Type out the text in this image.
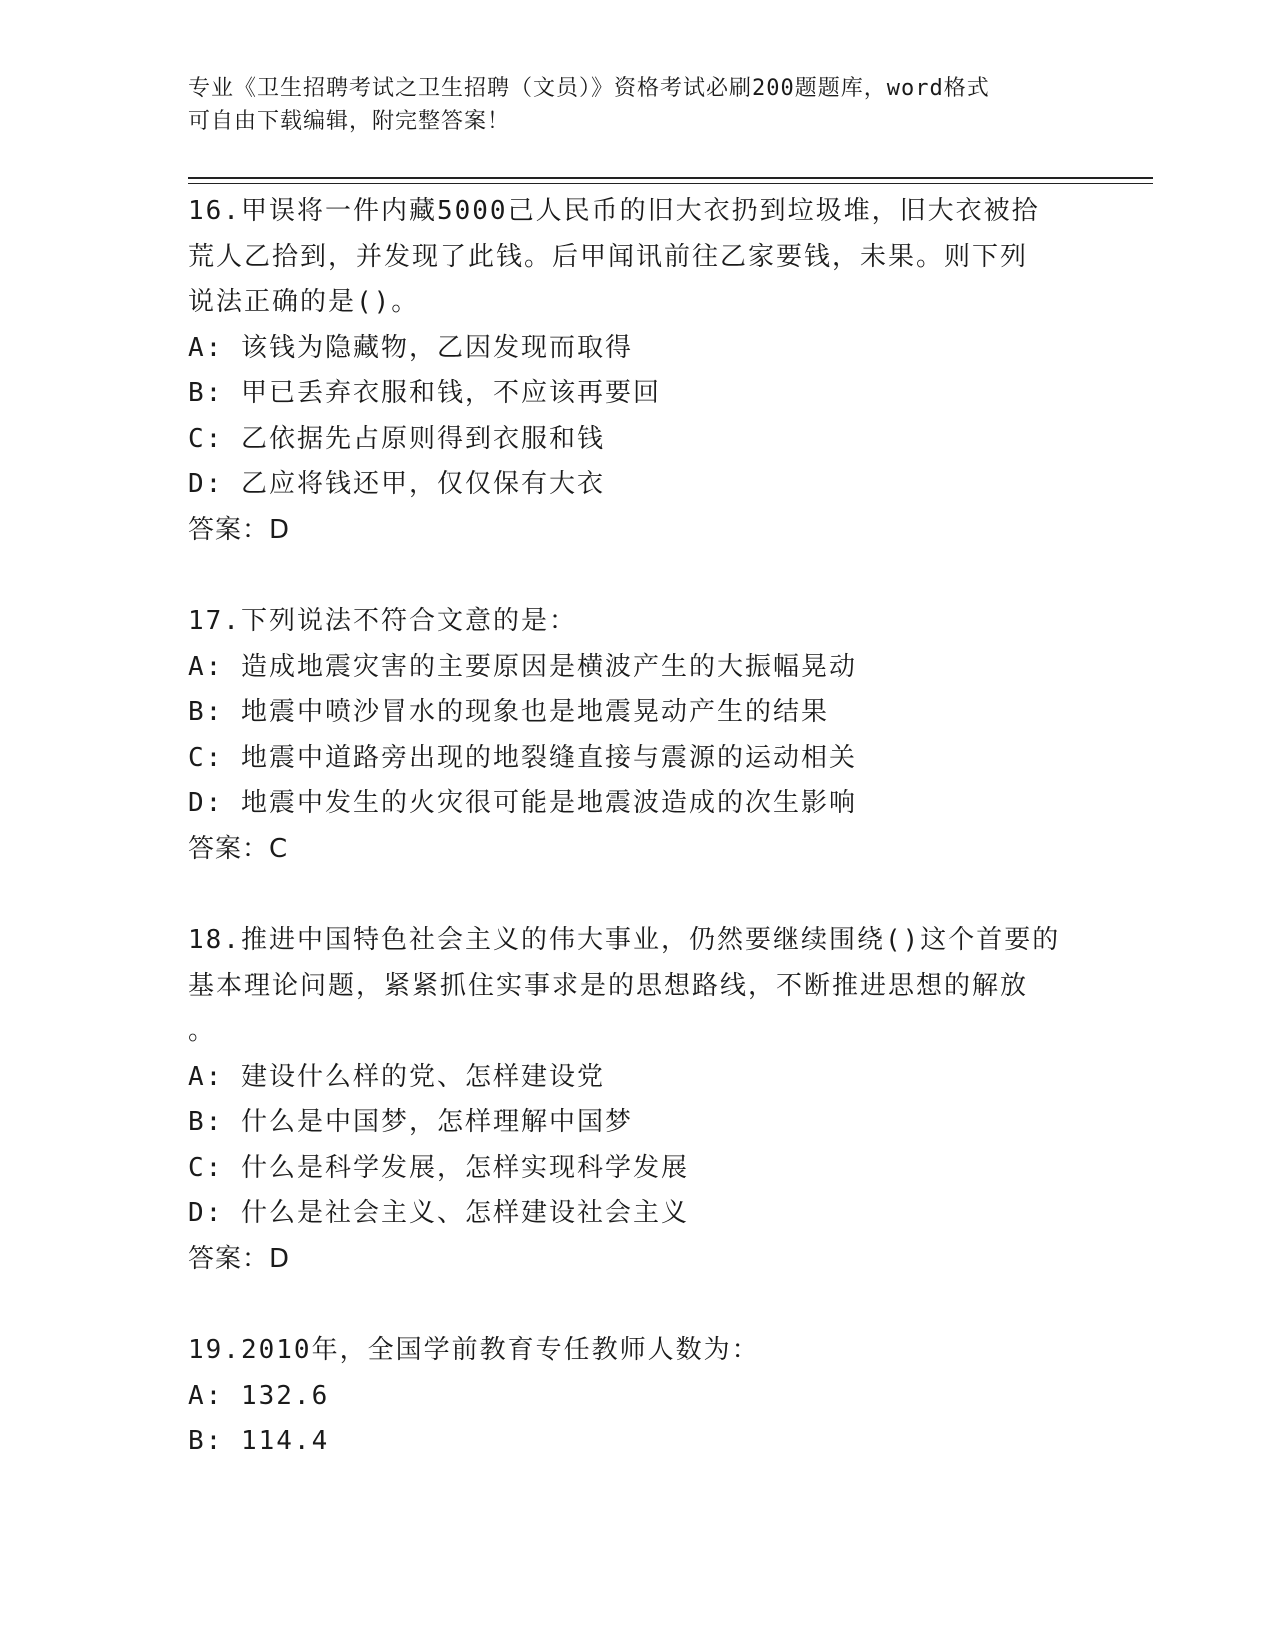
专业《卫生招聘考试之卫生招聘（文员）》资格考试必刷200题题库，word格式
可自由下载编辑，附完整答案！

16.甲误将一件内藏5000己人民币的旧大衣扔到垃圾堆，旧大衣被拾

荒人乙拾到，并发现了此钱。后甲闻讯前往乙家要钱，未果。则下列

说法正确的是()。

A: 该钱为隐藏物，乙因发现而取得

B: 甲已丢弃衣服和钱，不应该再要回

C: 乙依据先占原则得到衣服和钱

D: 乙应将钱还甲，仅仅保有大衣

答案：D

17.下列说法不符合文意的是：

A: 造成地震灾害的主要原因是横波产生的大振幅晃动

B: 地震中喷沙冒水的现象也是地震晃动产生的结果

C: 地震中道路旁出现的地裂缝直接与震源的运动相关

D: 地震中发生的火灾很可能是地震波造成的次生影响

答案：C

18.推进中国特色社会主义的伟大事业，仍然要继续围绕()这个首要的

基本理论问题，紧紧抓住实事求是的思想路线，不断推进思想的解放

。

A: 建设什么样的党、怎样建设党

B: 什么是中国梦，怎样理解中国梦

C: 什么是科学发展，怎样实现科学发展

D: 什么是社会主义、怎样建设社会主义

答案：D

19.2010年，全国学前教育专任教师人数为：

A: 132.6

B: 114.4
